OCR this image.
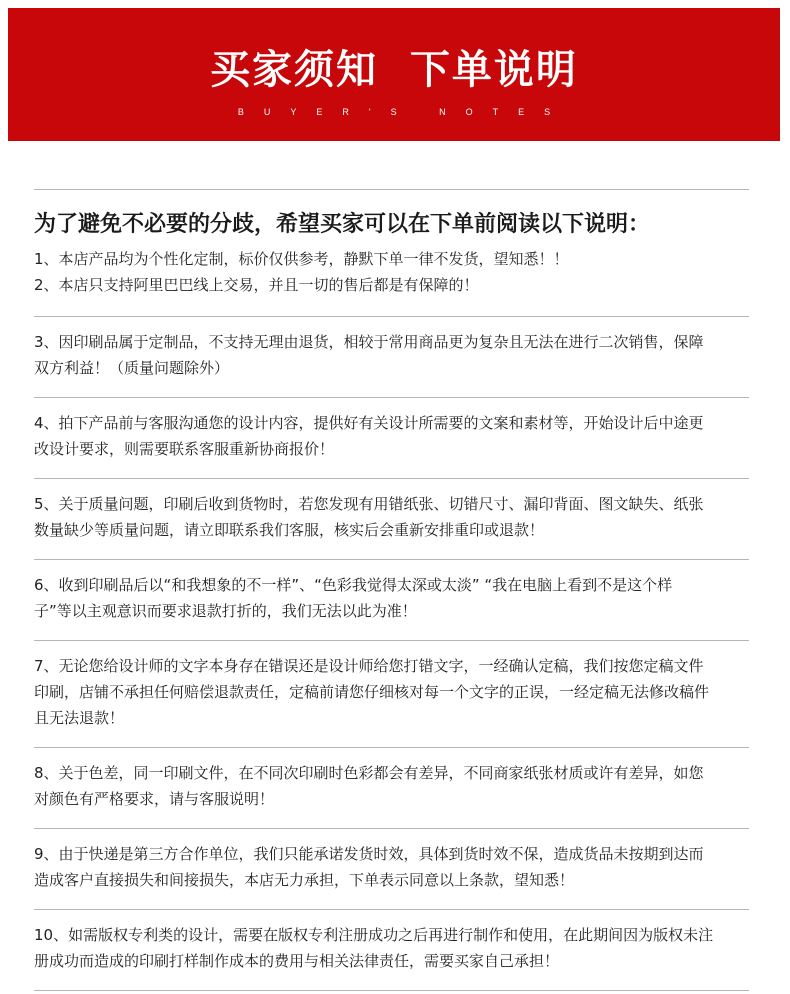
买家须知  下单说明
BUYER'S NOTES
为了避免不必要的分歧，希望买家可以在下单前阅读以下说明：
1、本店产品均为个性化定制，标价仅供参考，静默下单一律不发货，望知悉！！
2、本店只支持阿里巴巴线上交易，并且一切的售后都是有保障的！
3、因印刷品属于定制品，不支持无理由退货，相较于常用商品更为复杂且无法在进行二次销售，保障
双方利益！（质量问题除外）
4、拍下产品前与客服沟通您的设计内容，提供好有关设计所需要的文案和素材等，开始设计后中途更
改设计要求，则需要联系客服重新协商报价！
5、关于质量问题，印刷后收到货物时，若您发现有用错纸张、切错尺寸、漏印背面、图文缺失、纸张
数量缺少等质量问题，请立即联系我们客服，核实后会重新安排重印或退款！
6、收到印刷品后以“和我想象的不一样”、“色彩我觉得太深或太淡” “我在电脑上看到不是这个样
子”等以主观意识而要求退款打折的，我们无法以此为准！
7、无论您给设计师的文字本身存在错误还是设计师给您打错文字，一经确认定稿，我们按您定稿文件
印刷，店铺不承担任何赔偿退款责任，定稿前请您仔细核对每一个文字的正误，一经定稿无法修改稿件
且无法退款！
8、关于色差，同一印刷文件，在不同次印刷时色彩都会有差异，不同商家纸张材质或许有差异，如您
对颜色有严格要求，请与客服说明！
9、由于快递是第三方合作单位，我们只能承诺发货时效，具体到货时效不保，造成货品未按期到达而
造成客户直接损失和间接损失，本店无力承担，下单表示同意以上条款，望知悉！
10、如需版权专利类的设计，需要在版权专利注册成功之后再进行制作和使用，在此期间因为版权未注
册成功而造成的印刷打样制作成本的费用与相关法律责任，需要买家自己承担！
